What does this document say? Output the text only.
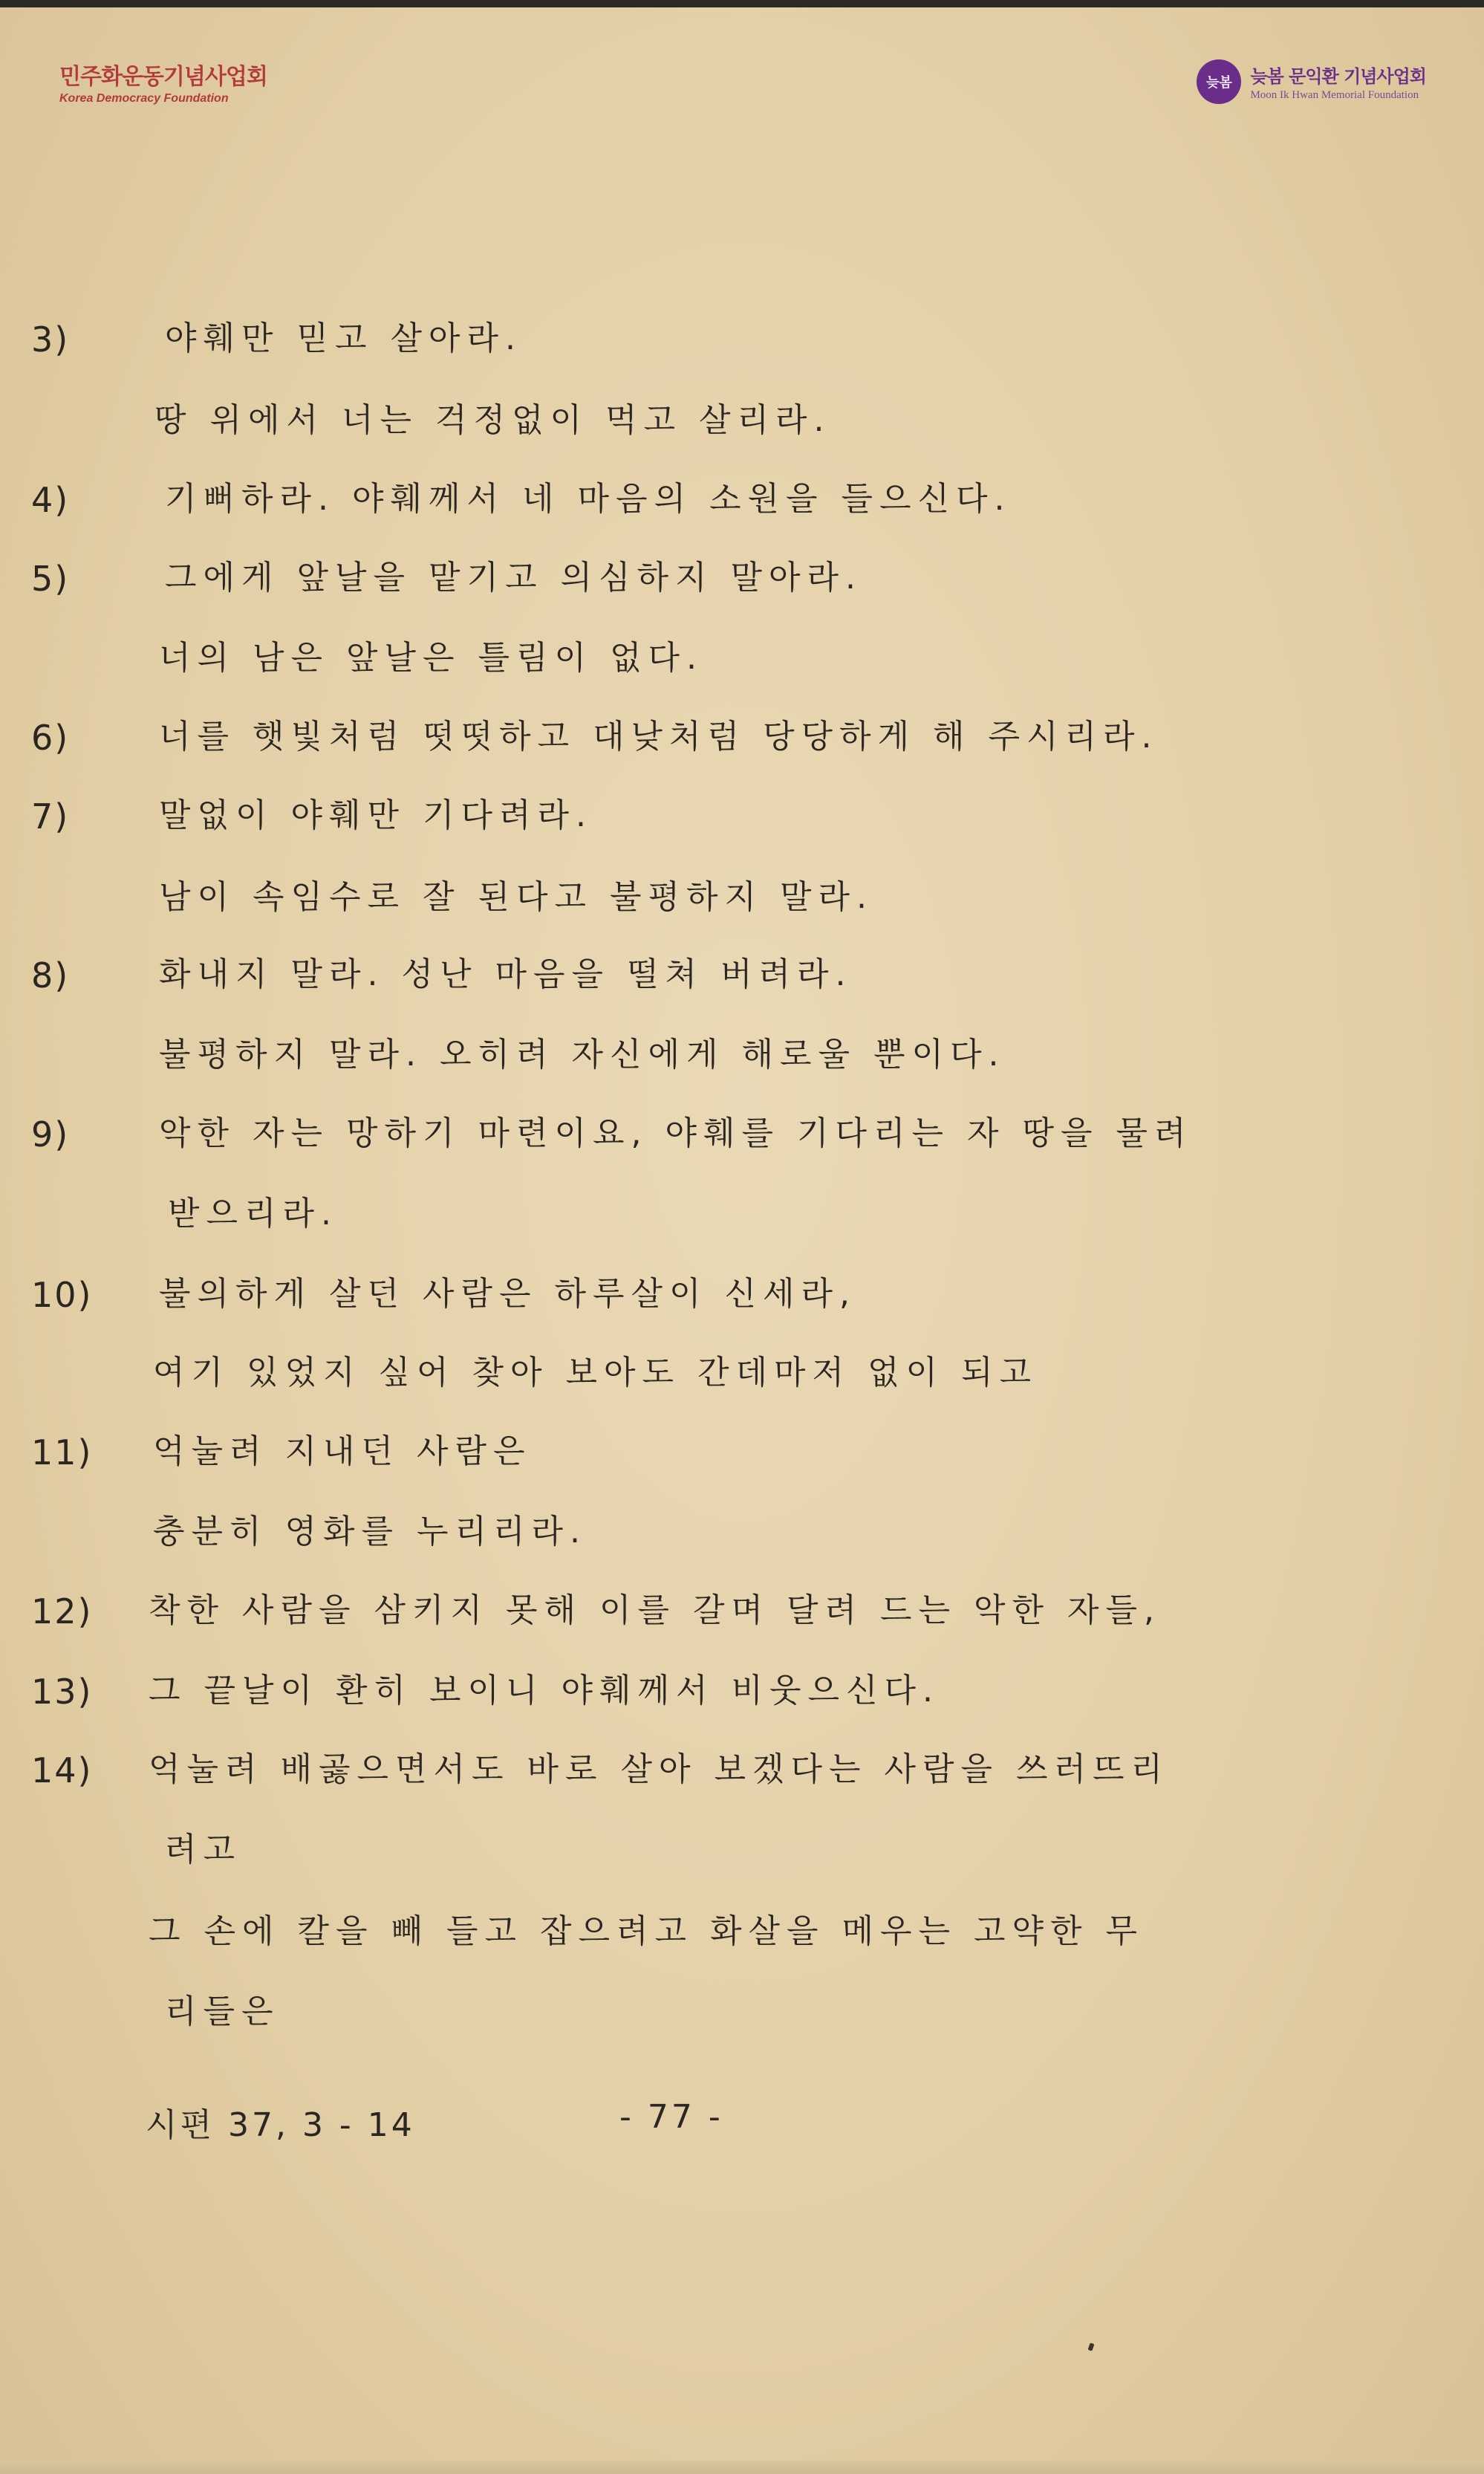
민주화운동기념사업회
Korea Democracy Foundation
늦봄	늦봄 문익환 기념사업회
Moon Ik Hwan Memorial Foundation
3)	야훼만 믿고 살아라.
땅 위에서 너는 걱정없이 먹고 살리라.
4)	기뻐하라. 야훼께서 네 마음의 소원을 들으신다.
5)	그에게 앞날을 맡기고 의심하지 말아라.
너의 남은 앞날은 틀림이 없다.
6)	너를 햇빛처럼 떳떳하고 대낮처럼 당당하게 해 주시리라.
7)	말없이 야훼만 기다려라.
남이 속임수로 잘 된다고 불평하지 말라.
8)	화내지 말라. 성난 마음을 떨쳐 버려라.
불평하지 말라. 오히려 자신에게 해로울 뿐이다.
9)	악한 자는 망하기 마련이요, 야훼를 기다리는 자 땅을 물려
받으리라.
10) 불의하게 살던 사람은 하루살이 신세라,
여기 있었지 싶어 찾아 보아도 간데마저 없이 되고
11) 억눌려 지내던 사람은
충분히 영화를 누리리라.
12) 착한 사람을 삼키지 못해 이를 갈며 달려 드는 악한 자들,
13) 그 끝날이 환히 보이니 야훼께서 비웃으신다.
14) 억눌려 배곯으면서도 바로 살아 보겠다는 사람을 쓰러뜨리
려고
그 손에 칼을 빼 들고 잡으려고 화살을 메우는 고약한 무
리들은
시편 37, 3 - 14	- 77 -
